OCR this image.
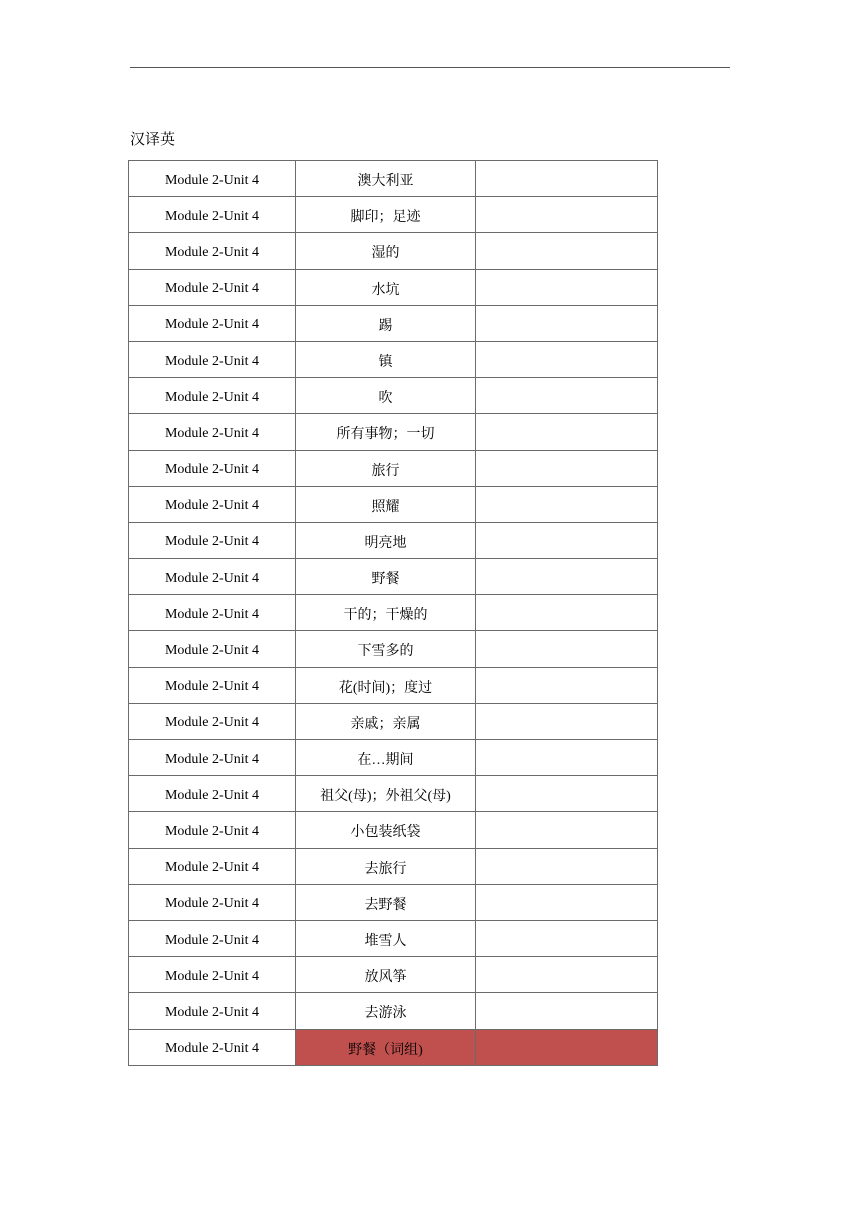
汉译英
Module 2-Unit 4	澳大利亚	
Module 2-Unit 4	脚印；足迹	
Module 2-Unit 4	湿的	
Module 2-Unit 4	水坑	
Module 2-Unit 4	踢	
Module 2-Unit 4	镇	
Module 2-Unit 4	吹	
Module 2-Unit 4	所有事物；一切	
Module 2-Unit 4	旅行	
Module 2-Unit 4	照耀	
Module 2-Unit 4	明亮地	
Module 2-Unit 4	野餐	
Module 2-Unit 4	干的；干燥的	
Module 2-Unit 4	下雪多的	
Module 2-Unit 4	花(时间)；度过	
Module 2-Unit 4	亲戚；亲属	
Module 2-Unit 4	在…期间	
Module 2-Unit 4	祖父(母)；外祖父(母)	
Module 2-Unit 4	小包装纸袋	
Module 2-Unit 4	去旅行	
Module 2-Unit 4	去野餐	
Module 2-Unit 4	堆雪人	
Module 2-Unit 4	放风筝	
Module 2-Unit 4	去游泳	
Module 2-Unit 4	野餐（词组)	
